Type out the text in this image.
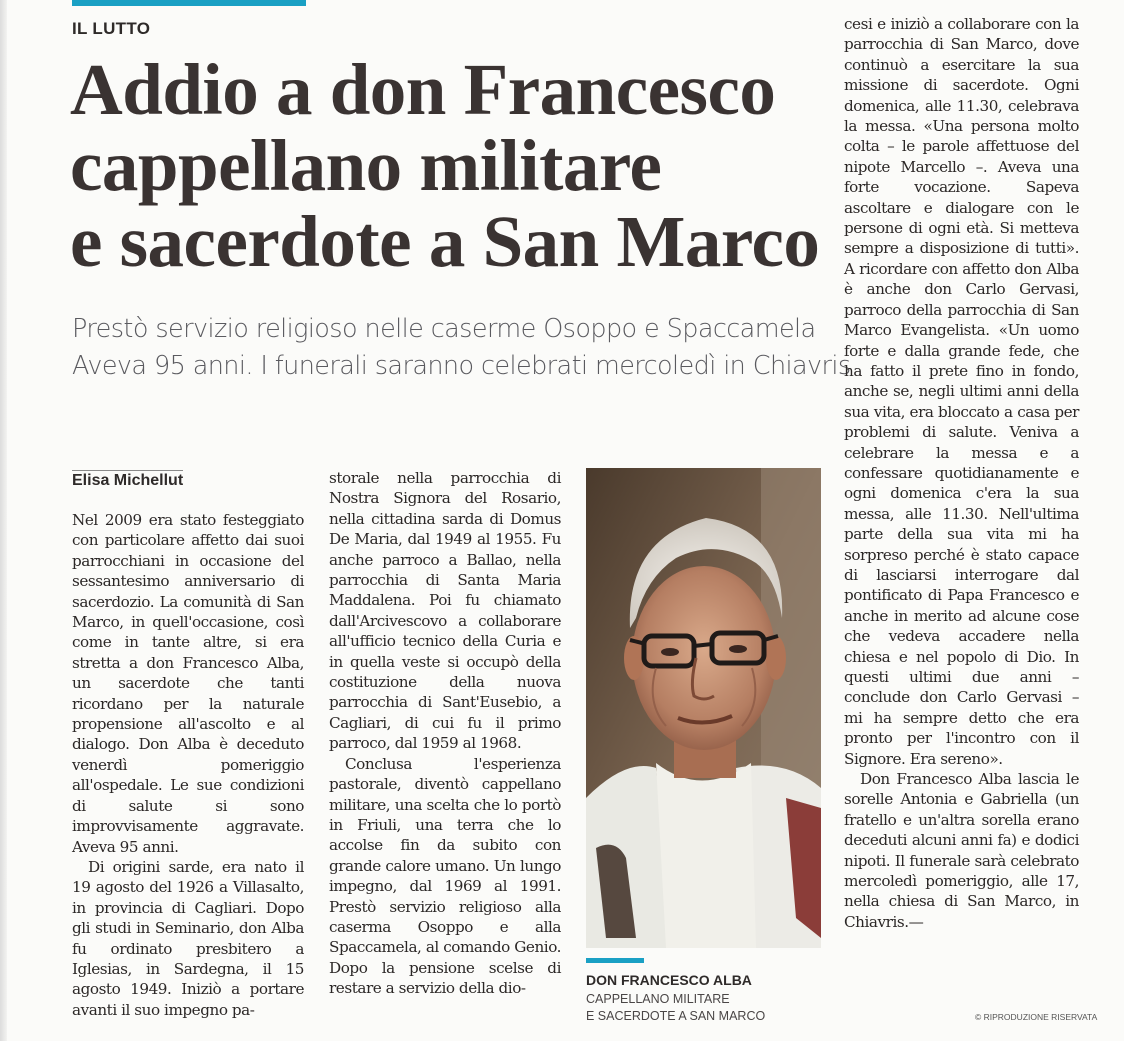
IL LUTTO
Addio a don Francesco
cappellano militare
e sacerdote a San Marco
Prestò servizio religioso nelle caserme Osoppo e Spaccamela
Aveva 95 anni. I funerali saranno celebrati mercoledì in Chiavris
Elisa Michellut

Nel 2009 era stato festeggiato con particolare affetto dai suoi parrocchiani in occasione del sessantesimo anniversario di sacerdozio. La comunità di San Marco, in quell'occasione, così come in tante altre, si era stretta a don Francesco Alba, un sacerdote che tanti ricordano per la naturale propensione all'ascolto e al dialogo. Don Alba è deceduto venerdì pomeriggio all'ospedale. Le sue condizioni di salute si sono improvvisamente aggravate. Aveva 95 anni.

Di origini sarde, era nato il 19 agosto del 1926 a Villasalto, in provincia di Cagliari. Dopo gli studi in Seminario, don Alba fu ordinato presbitero a Iglesias, in Sardegna, il 15 agosto 1949. Iniziò a portare avanti il suo impegno pa-

storale nella parrocchia di Nostra Signora del Rosario, nella cittadina sarda di Domus De Maria, dal 1949 al 1955. Fu anche parroco a Ballao, nella parrocchia di Santa Maria Maddalena. Poi fu chiamato dall'Arcivescovo a collaborare all'ufficio tecnico della Curia e in quella veste si occupò della costituzione della nuova parrocchia di Sant'Eusebio, a Cagliari, di cui fu il primo parroco, dal 1959 al 1968.

Conclusa l'esperienza pastorale, diventò cappellano militare, una scelta che lo portò in Friuli, una terra che lo accolse fin da subito con grande calore umano. Un lungo impegno, dal 1969 al 1991. Prestò servizio religioso alla caserma Osoppo e alla Spaccamela, al comando Genio. Dopo la pensione scelse di restare a servizio della dio-	DON FRANCESCO ALBA
CAPPELLANO MILITARE
E SACERDOTE A SAN MARCO

cesi e iniziò a collaborare con la parrocchia di San Marco, dove continuò a esercitare la sua missione di sacerdote. Ogni domenica, alle 11.30, celebrava la messa. «Una persona molto colta – le parole affettuose del nipote Marcello –. Aveva una forte vocazione. Sapeva ascoltare e dialogare con le persone di ogni età. Si metteva sempre a disposizione di tutti». A ricordare con affetto don Alba è anche don Carlo Gervasi, parroco della parrocchia di San Marco Evangelista. «Un uomo forte e dalla grande fede, che ha fatto il prete fino in fondo, anche se, negli ultimi anni della sua vita, era bloccato a casa per problemi di salute. Veniva a celebrare la messa e a confessare quotidianamente e ogni domenica c'era la sua messa, alle 11.30. Nell'ultima parte della sua vita mi ha sorpreso perché è stato capace di lasciarsi interrogare dal pontificato di Papa Francesco e anche in merito ad alcune cose che vedeva accadere nella chiesa e nel popolo di Dio. In questi ultimi due anni – conclude don Carlo Gervasi – mi ha sempre detto che era pronto per l'incontro con il Signore. Era sereno».

Don Francesco Alba lascia le sorelle Antonia e Gabriella (un fratello e un'altra sorella erano deceduti alcuni anni fa) e dodici nipoti. Il funerale sarà celebrato mercoledì pomeriggio, alle 17, nella chiesa di San Marco, in Chiavris.—

© RIPRODUZIONE RISERVATA
